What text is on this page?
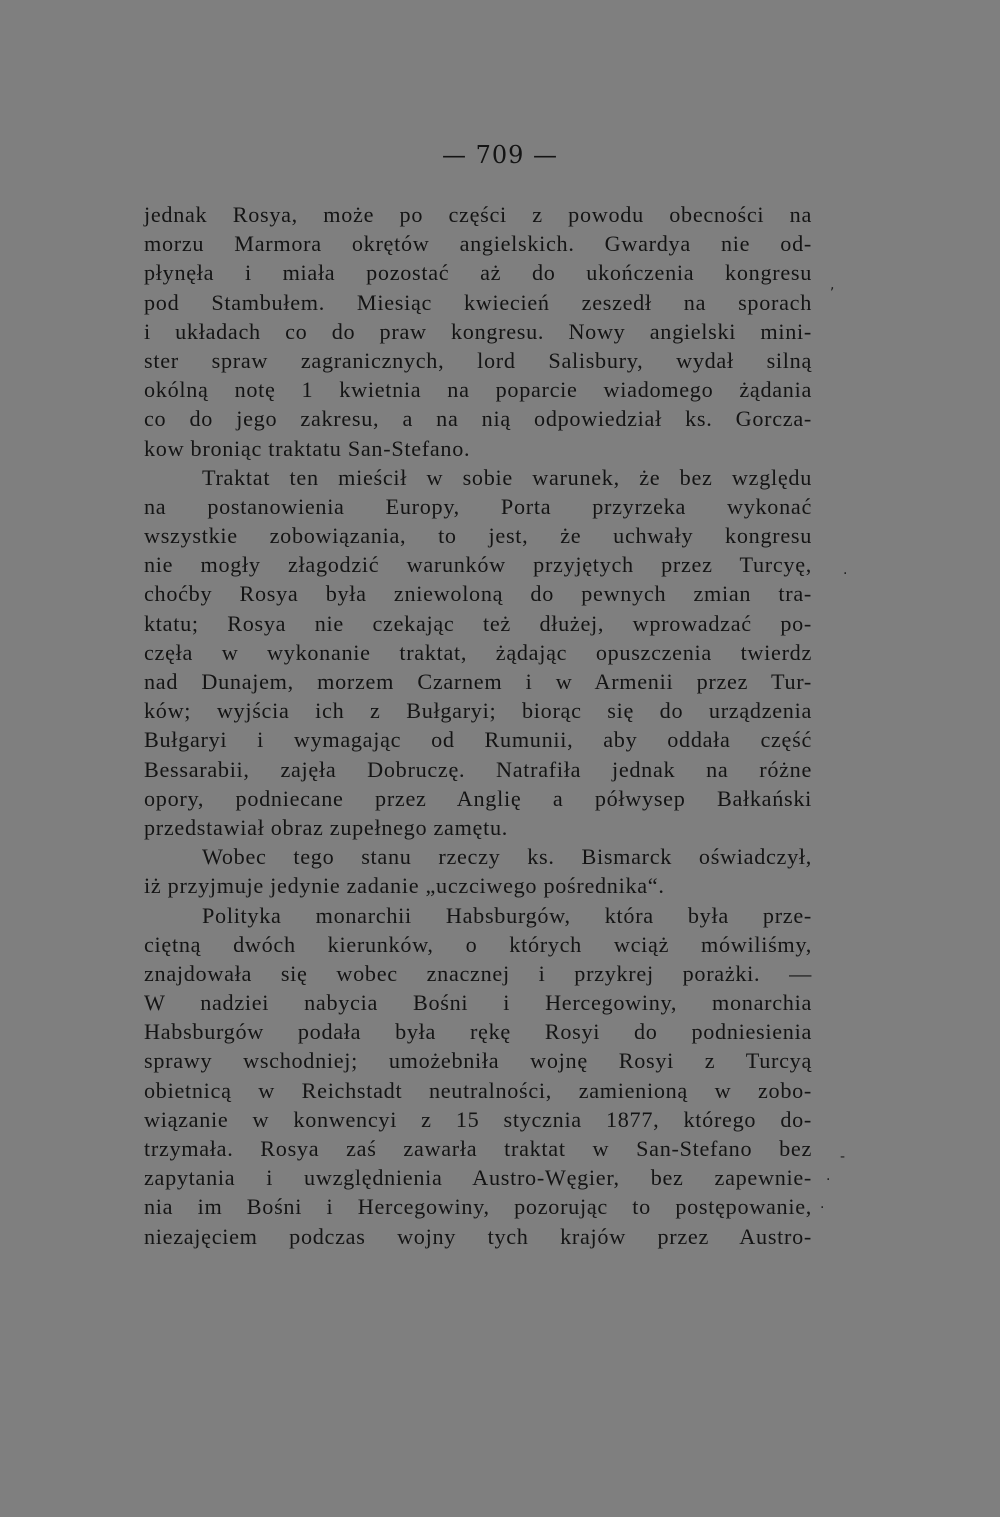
— 709 —
jednak Rosya, może po części z powodu obecności na
morzu Marmora okrętów angielskich. Gwardya nie od-
płynęła i miała pozostać aż do ukończenia kongresu
pod Stambułem. Miesiąc kwiecień zeszedł na sporach
i układach co do praw kongresu. Nowy angielski mini-
ster spraw zagranicznych, lord Salisbury, wydał silną
okólną notę 1 kwietnia na poparcie wiadomego żądania
co do jego zakresu, a na nią odpowiedział ks. Gorcza-
kow broniąc traktatu San-Stefano.
Traktat ten mieścił w sobie warunek, że bez względu
na postanowienia Europy, Porta przyrzeka wykonać
wszystkie zobowiązania, to jest, że uchwały kongresu
nie mogły złagodzić warunków przyjętych przez Turcyę,
choćby Rosya była zniewoloną do pewnych zmian tra-
ktatu; Rosya nie czekając też dłużej, wprowadzać po-
częła w wykonanie traktat, żądając opuszczenia twierdz
nad Dunajem, morzem Czarnem i w Armenii przez Tur-
ków; wyjścia ich z Bułgaryi; biorąc się do urządzenia
Bułgaryi i wymagając od Rumunii, aby oddała część
Bessarabii, zajęła Dobruczę. Natrafiła jednak na różne
opory, podniecane przez Anglię a półwysep Bałkański
przedstawiał obraz zupełnego zamętu.
Wobec tego stanu rzeczy ks. Bismarck oświadczył,
iż przyjmuje jedynie zadanie „uczciwego pośrednika“.
Polityka monarchii Habsburgów, która była prze-
ciętną dwóch kierunków, o których wciąż mówiliśmy,
znajdowała się wobec znacznej i przykrej porażki. —
W nadziei nabycia Bośni i Hercegowiny, monarchia
Habsburgów podała była rękę Rosyi do podniesienia
sprawy wschodniej; umożebniła wojnę Rosyi z Turcyą
obietnicą w Reichstadt neutralności, zamienioną w zobo-
wiązanie w konwencyi z 15 stycznia 1877, którego do-
trzymała. Rosya zaś zawarła traktat w San-Stefano bez
zapytania i uwzględnienia Austro-Węgier, bez zapewnie-
nia im Bośni i Hercegowiny, pozorując to postępowanie,
niezajęciem podczas wojny tych krajów przez Austro-
,
·
-
·
·
